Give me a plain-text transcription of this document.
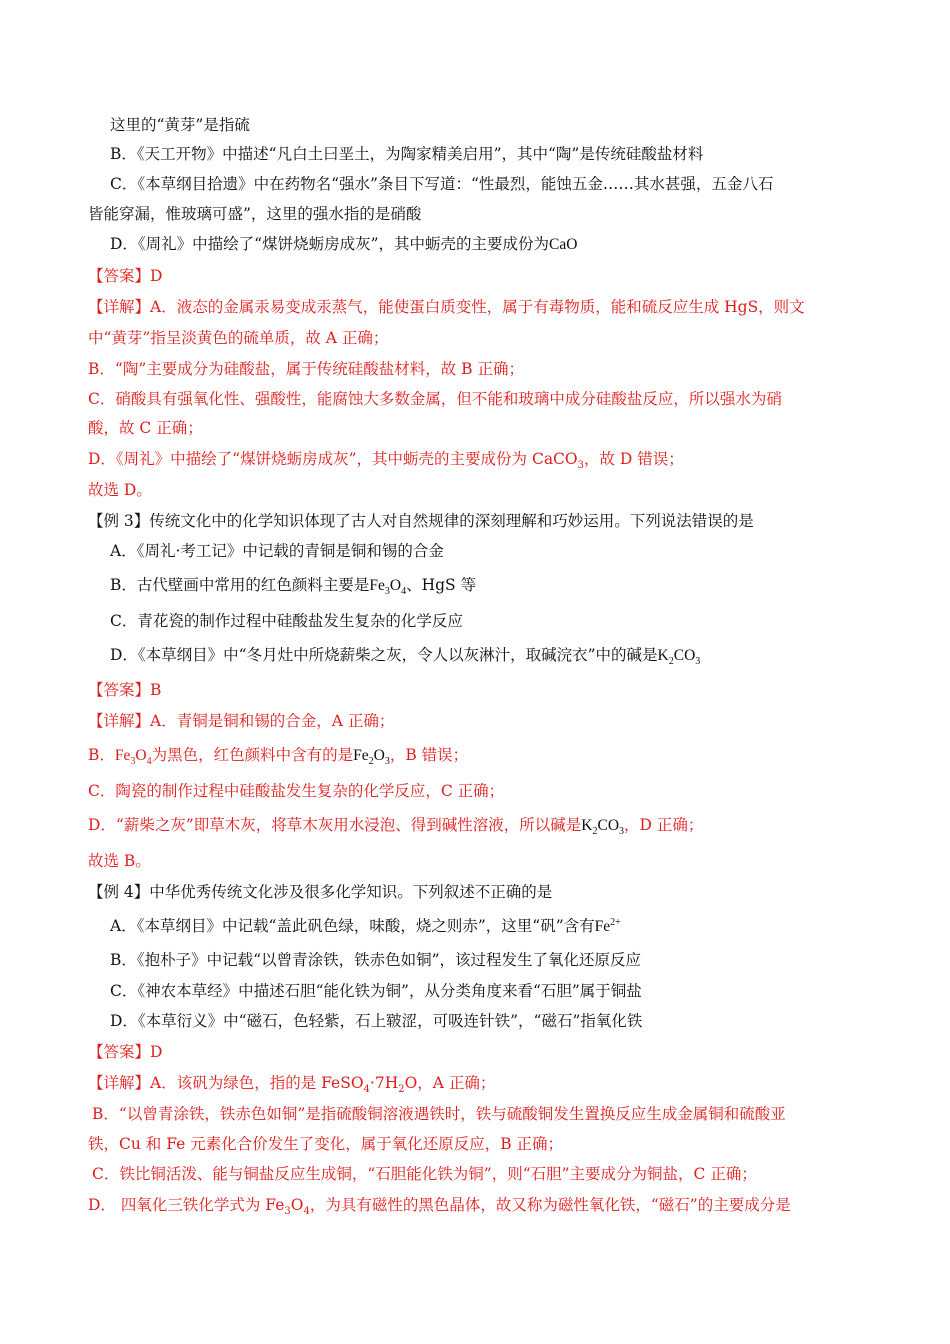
这里的“黄芽”是指硫
B．《天工开物》中描述“凡白土曰垩土，为陶家精美启用”，其中“陶”是传统硅酸盐材料
C．《本草纲目拾遗》中在药物名“强水”条目下写道：“性最烈，能蚀五金……其水甚强，五金八石
皆能穿漏，惟玻璃可盛”，这里的强水指的是硝酸
D．《周礼》中描绘了“煤饼烧蛎房成灰”，其中蛎壳的主要成份为CaO
【答案】D
【详解】A．液态的金属汞易变成汞蒸气，能使蛋白质变性，属于有毒物质，能和硫反应生成 HgS，则文
中“黄芽”指呈淡黄色的硫单质，故 A 正确；
B．“陶”主要成分为硅酸盐，属于传统硅酸盐材料，故 B 正确；
C．硝酸具有强氧化性、强酸性，能腐蚀大多数金属，但不能和玻璃中成分硅酸盐反应，所以强水为硝
酸，故 C 正确；
D．《周礼》中描绘了“煤饼烧蛎房成灰”，其中蛎壳的主要成份为 CaCO$_3$，故 D 错误；
故选 D。
【例 3】传统文化中的化学知识体现了古人对自然规律的深刻理解和巧妙运用。下列说法错误的是
A．《周礼·考工记》中记载的青铜是铜和锡的合金
B．古代壁画中常用的红色颜料主要是$Fe_3O_4$、HgS 等
C．青花瓷的制作过程中硅酸盐发生复杂的化学反应
D．《本草纲目》中“冬月灶中所烧薪柴之灰，令人以灰淋汁，取碱浣衣”中的碱是$K_2CO_3$
【答案】B
【详解】A．青铜是铜和锡的合金，A 正确；
B．$Fe_3O_4$为黑色，红色颜料中含有的是$Fe_2O_3$，B 错误；
C．陶瓷的制作过程中硅酸盐发生复杂的化学反应，C 正确；
D．“薪柴之灰”即草木灰，将草木灰用水浸泡、得到碱性溶液，所以碱是$K_2CO_3$，D 正确；
故选 B。
【例 4】中华优秀传统文化涉及很多化学知识。下列叙述不正确的是
A．《本草纲目》中记载“盖此矾色绿，味酸，烧之则赤”，这里“矾”含有$Fe^{2+}$
B．《抱朴子》中记载“以曾青涂铁，铁赤色如铜”，该过程发生了氧化还原反应
C．《神农本草经》中描述石胆“能化铁为铜”，从分类角度来看“石胆”属于铜盐
D．《本草衍义》中“磁石，色轻紫，石上皲涩，可吸连针铁”，“磁石”指氧化铁
【答案】D
【详解】A．该矾为绿色，指的是 $FeSO_4\cdot 7H_2O$，A 正确；
B．“以曾青涂铁，铁赤色如铜”是指硫酸铜溶液遇铁时，铁与硫酸铜发生置换反应生成金属铜和硫酸亚
铁，Cu 和 Fe 元素化合价发生了变化，属于氧化还原反应，B 正确；
C．铁比铜活泼、能与铜盐反应生成铜，“石胆能化铁为铜”，则“石胆”主要成分为铜盐，C 正确；
D． 四氧化三铁化学式为 $Fe_3O_4$，为具有磁性的黑色晶体，故又称为磁性氧化铁，“磁石”的主要成分是
